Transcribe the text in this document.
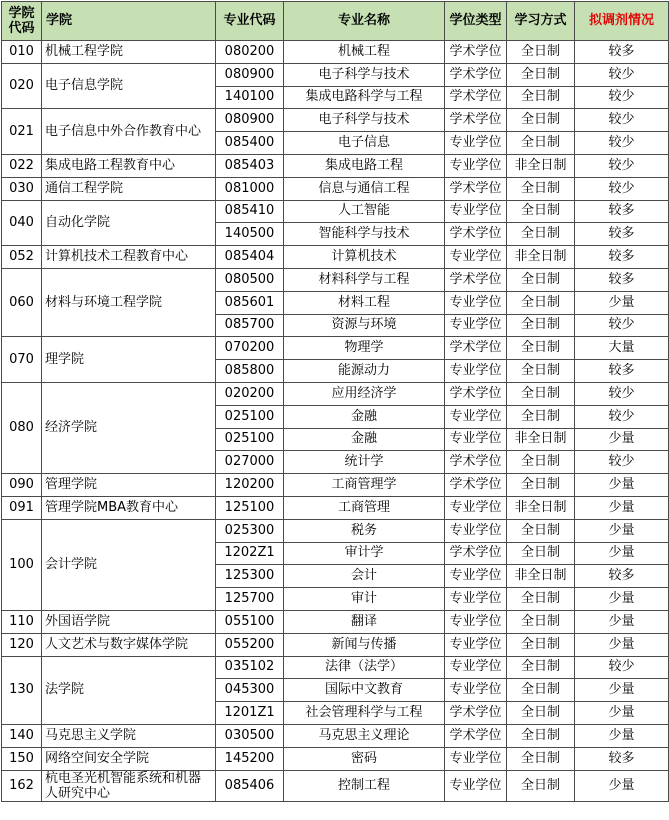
学院代码	学院	专业代码	专业名称	学位类型	学习方式	拟调剂情况
010	机械工程学院	080200	机械工程	学术学位	全日制	较多
020	电子信息学院	080900	电子科学与技术	学术学位	全日制	较少
		140100	集成电路科学与工程	学术学位	全日制	较少
021	电子信息中外合作教育中心	080900	电子科学与技术	学术学位	全日制	较少
		085400	电子信息	专业学位	全日制	较少
022	集成电路工程教育中心	085403	集成电路工程	专业学位	非全日制	较少
030	通信工程学院	081000	信息与通信工程	学术学位	全日制	较少
040	自动化学院	085410	人工智能	专业学位	全日制	较多
		140500	智能科学与技术	学术学位	全日制	较多
052	计算机技术工程教育中心	085404	计算机技术	专业学位	非全日制	较多
060	材料与环境工程学院	080500	材料科学与工程	学术学位	全日制	较多
		085601	材料工程	专业学位	全日制	少量
		085700	资源与环境	专业学位	全日制	较少
070	理学院	070200	物理学	学术学位	全日制	大量
		085800	能源动力	专业学位	全日制	较多
080	经济学院	020200	应用经济学	学术学位	全日制	较少
		025100	金融	专业学位	全日制	较少
		025100	金融	专业学位	非全日制	少量
		027000	统计学	学术学位	全日制	较少
090	管理学院	120200	工商管理学	学术学位	全日制	少量
091	管理学院MBA教育中心	125100	工商管理	专业学位	非全日制	少量
100	会计学院	025300	税务	专业学位	全日制	少量
		1202Z1	审计学	学术学位	全日制	少量
		125300	会计	专业学位	非全日制	较多
		125700	审计	专业学位	全日制	少量
110	外国语学院	055100	翻译	专业学位	全日制	少量
120	人文艺术与数字媒体学院	055200	新闻与传播	专业学位	全日制	少量
130	法学院	035102	法律（法学）	专业学位	全日制	较少
		045300	国际中文教育	专业学位	全日制	少量
		1201Z1	社会管理科学与工程	学术学位	全日制	少量
140	马克思主义学院	030500	马克思主义理论	学术学位	全日制	少量
150	网络空间安全学院	145200	密码	专业学位	全日制	较多
162	杭电圣光机智能系统和机器人研究中心	085406	控制工程	专业学位	全日制	少量
